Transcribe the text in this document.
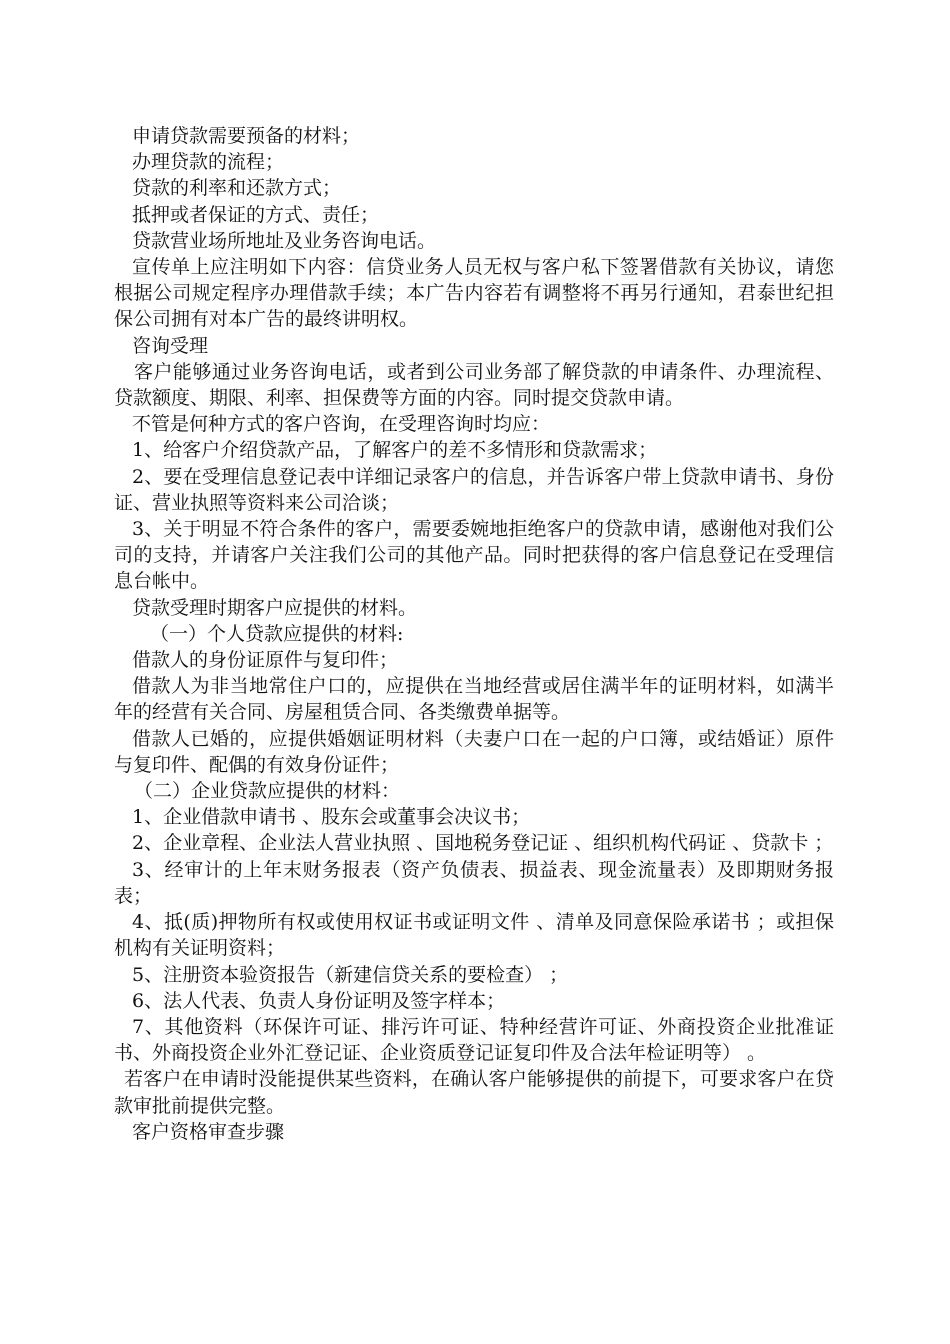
申请贷款需要预备的材料；

办理贷款的流程；

贷款的利率和还款方式；

抵押或者保证的方式、责任；

贷款营业场所地址及业务咨询电话。

宣传单上应注明如下内容：信贷业务人员无权与客户私下签署借款有关协议，请您根据公司规定程序办理借款手续；本广告内容若有调整将不再另行通知，君泰世纪担保公司拥有对本广告的最终讲明权。

咨询受理

客户能够通过业务咨询电话，或者到公司业务部了解贷款的申请条件、办理流程、贷款额度、期限、利率、担保费等方面的内容。同时提交贷款申请。

不管是何种方式的客户咨询，在受理咨询时均应：

1、给客户介绍贷款产品，了解客户的差不多情形和贷款需求；

2、要在受理信息登记表中详细记录客户的信息，并告诉客户带上贷款申请书、身份证、营业执照等资料来公司洽谈；

3、关于明显不符合条件的客户，需要委婉地拒绝客户的贷款申请，感谢他对我们公司的支持，并请客户关注我们公司的其他产品。同时把获得的客户信息登记在受理信息台帐中。

贷款受理时期客户应提供的材料。

（一）个人贷款应提供的材料:

借款人的身份证原件与复印件；

借款人为非当地常住户口的，应提供在当地经营或居住满半年的证明材料，如满半年的经营有关合同、房屋租赁合同、各类缴费单据等。

借款人已婚的，应提供婚姻证明材料（夫妻户口在一起的户口簿，或结婚证）原件与复印件、配偶的有效身份证件；

（二）企业贷款应提供的材料：

1、企业借款申请书 、股东会或董事会决议书；

2、企业章程、企业法人营业执照 、国地税务登记证 、组织机构代码证 、贷款卡 ；

3、经审计的上年末财务报表（资产负债表、损益表、现金流量表）及即期财务报表；

4、抵(质)押物所有权或使用权证书或证明文件 、清单及同意保险承诺书 ；或担保机构有关证明资料；

5、注册资本验资报告（新建信贷关系的要检查） ；

6、法人代表、负责人身份证明及签字样本；

7、其他资料（环保许可证、排污许可证、特种经营许可证、外商投资企业批准证书、外商投资企业外汇登记证、企业资质登记证复印件及合法年检证明等） 。

若客户在申请时没能提供某些资料，在确认客户能够提供的前提下，可要求客户在贷款审批前提供完整。

客户资格审查步骤
